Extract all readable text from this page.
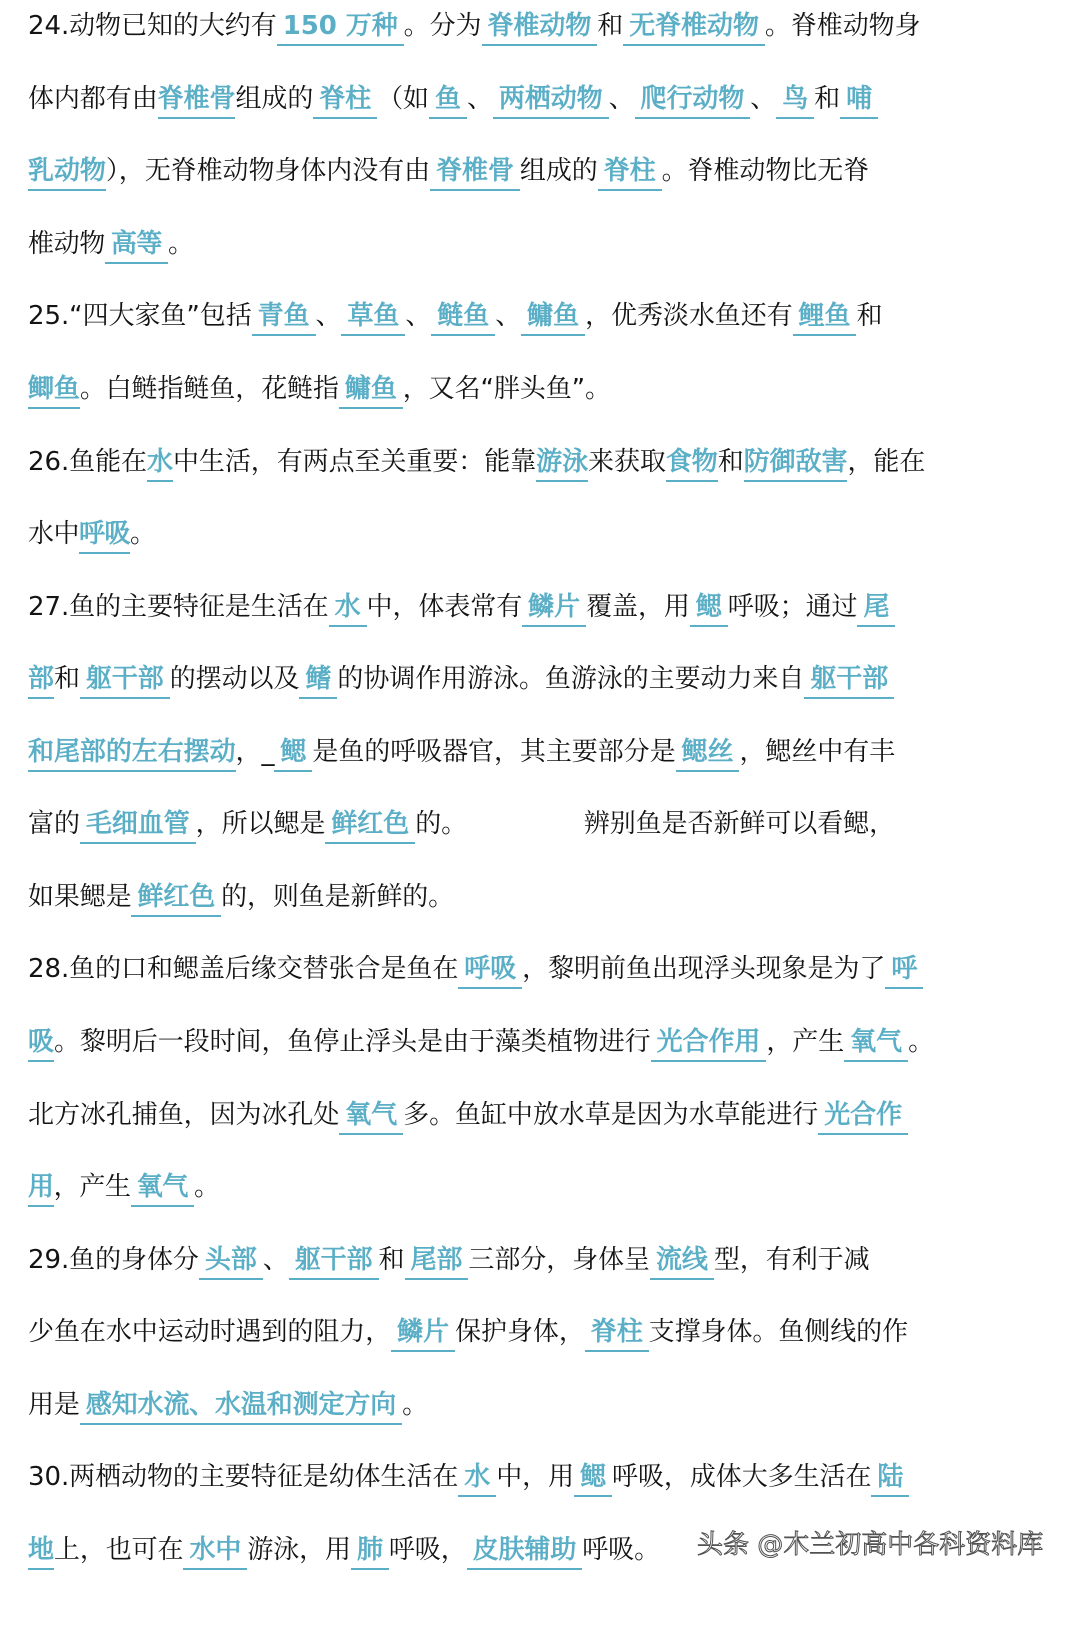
24.动物已知的大约有 150 万种 。分为 脊椎动物 和 无脊椎动物 。脊椎动物身
体内都有由脊椎骨组成的 脊柱 （如 鱼 、 两栖动物 、 爬行动物 、 鸟 和 哺
乳动物），无脊椎动物身体内没有由 脊椎骨 组成的 脊柱 。脊椎动物比无脊
椎动物 高等 。
25.“四大家鱼”包括 青鱼 、 草鱼 、 鲢鱼 、 鳙鱼 ，优秀淡水鱼还有 鲤鱼 和
鲫鱼。白鲢指鲢鱼，花鲢指 鳙鱼 ，又名“胖头鱼”。
26.鱼能在水中生活，有两点至关重要：能靠游泳来获取食物和防御敌害，能在
水中呼吸。
27.鱼的主要特征是生活在 水 中，体表常有 鳞片 覆盖，用 鳃 呼吸；通过 尾
部和 躯干部 的摆动以及 鳍 的协调作用游泳。鱼游泳的主要动力来自 躯干部
和尾部的左右摆动，_ 鳃 是鱼的呼吸器官，其主要部分是 鳃丝 ，鳃丝中有丰
富的 毛细血管 ，所以鳃是 鲜红色 的。　　　　　辨别鱼是否新鲜可以看鳃，
如果鳃是 鲜红色 的，则鱼是新鲜的。
28.鱼的口和鳃盖后缘交替张合是鱼在 呼吸 ，黎明前鱼出现浮头现象是为了 呼
吸。黎明后一段时间，鱼停止浮头是由于藻类植物进行 光合作用 ，产生 氧气 。
北方冰孔捕鱼，因为冰孔处 氧气 多。鱼缸中放水草是因为水草能进行 光合作
用，产生 氧气 。
29.鱼的身体分 头部 、 躯干部 和 尾部 三部分，身体呈 流线 型，有利于减
少鱼在水中运动时遇到的阻力， 鳞片 保护身体， 脊柱 支撑身体。鱼侧线的作
用是 感知水流、水温和测定方向 。
30.两栖动物的主要特征是幼体生活在 水 中，用 鳃 呼吸，成体大多生活在 陆
地上，也可在 水中 游泳，用 肺 呼吸， 皮肤辅助 呼吸。	头条 @木兰初高中各科资料库
